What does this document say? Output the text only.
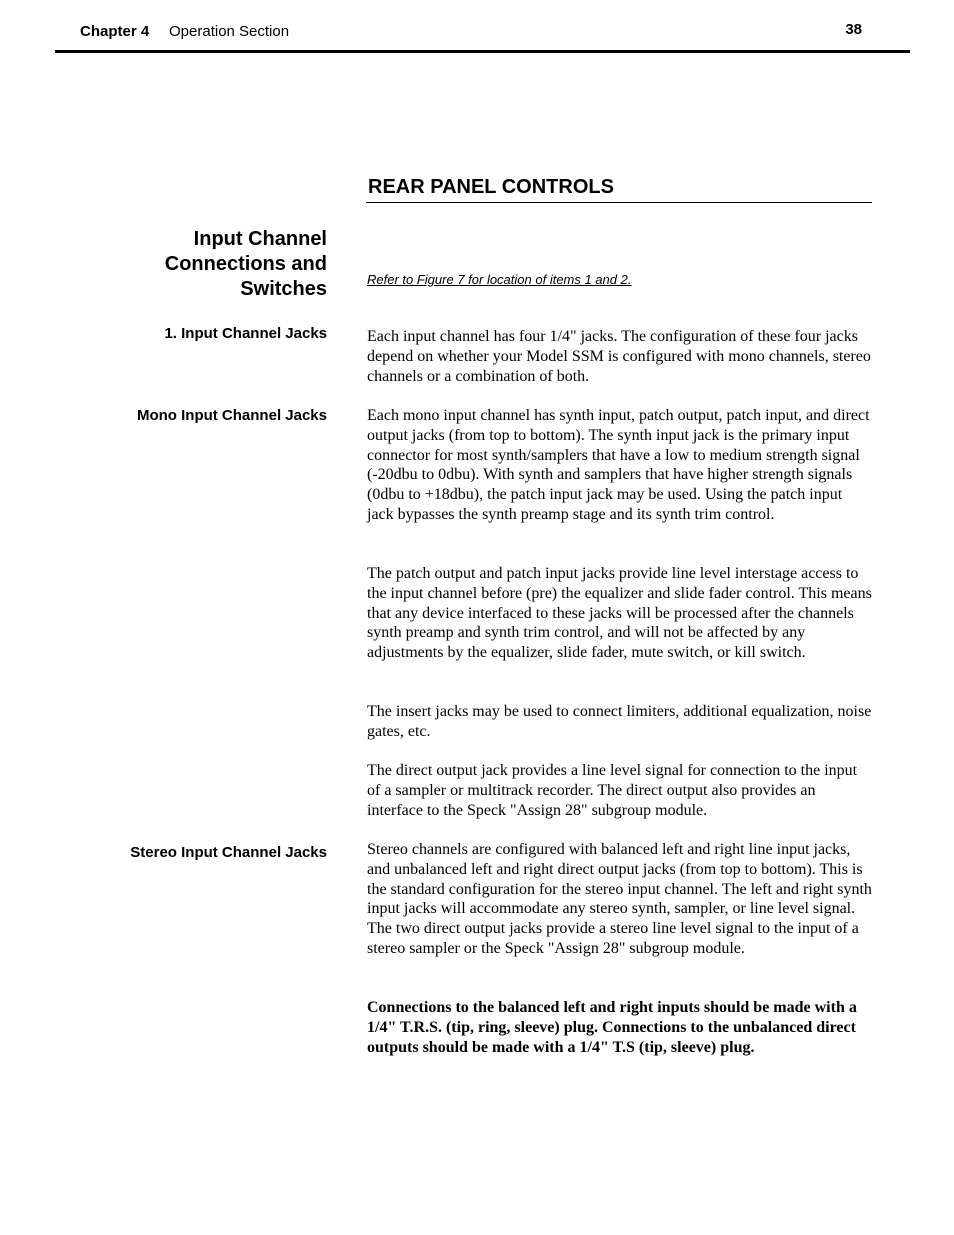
Chapter 4 Operation Section	38
REAR PANEL CONTROLS
Input Channel Connections and Switches
1. Input Channel Jacks
Mono Input Channel Jacks
Stereo Input Channel Jacks
Refer to Figure 7 for location of items 1 and 2.

Each input channel has four 1/4" jacks. The configuration of these four jacks depend on whether your Model SSM is configured with mono channels, stereo channels or a combination of both.

Each mono input channel has synth input, patch output, patch input, and direct output jacks (from top to bottom). The synth input jack is the primary input connector for most synth/samplers that have a low to medium strength signal (-20dbu to 0dbu). With synth and samplers that have higher strength signals (0dbu to +18dbu), the patch input jack may be used. Using the patch input jack bypasses the synth preamp stage and its synth trim control.

The patch output and patch input jacks provide line level interstage access to the input channel before (pre) the equalizer and slide fader control. This means that any device interfaced to these jacks will be processed after the channels synth preamp and synth trim control, and will not be affected by any adjustments by the equalizer, slide fader, mute switch, or kill switch.

The insert jacks may be used to connect limiters, additional equalization, noise gates, etc.

The direct output jack provides a line level signal for connection to the input of a sampler or multitrack recorder. The direct output also provides an interface to the Speck "Assign 28" subgroup module.

Stereo channels are configured with balanced left and right line input jacks, and unbalanced left and right direct output jacks (from top to bottom). This is the standard configuration for the stereo input channel. The left and right synth input jacks will accommodate any stereo synth, sampler, or line level signal. The two direct output jacks provide a stereo line level signal to the input of a stereo sampler or the Speck "Assign 28" subgroup module.

Connections to the balanced left and right inputs should be made with a 1/4" T.R.S. (tip, ring, sleeve) plug. Connections to the unbalanced direct outputs should be made with a 1/4" T.S (tip, sleeve) plug.
